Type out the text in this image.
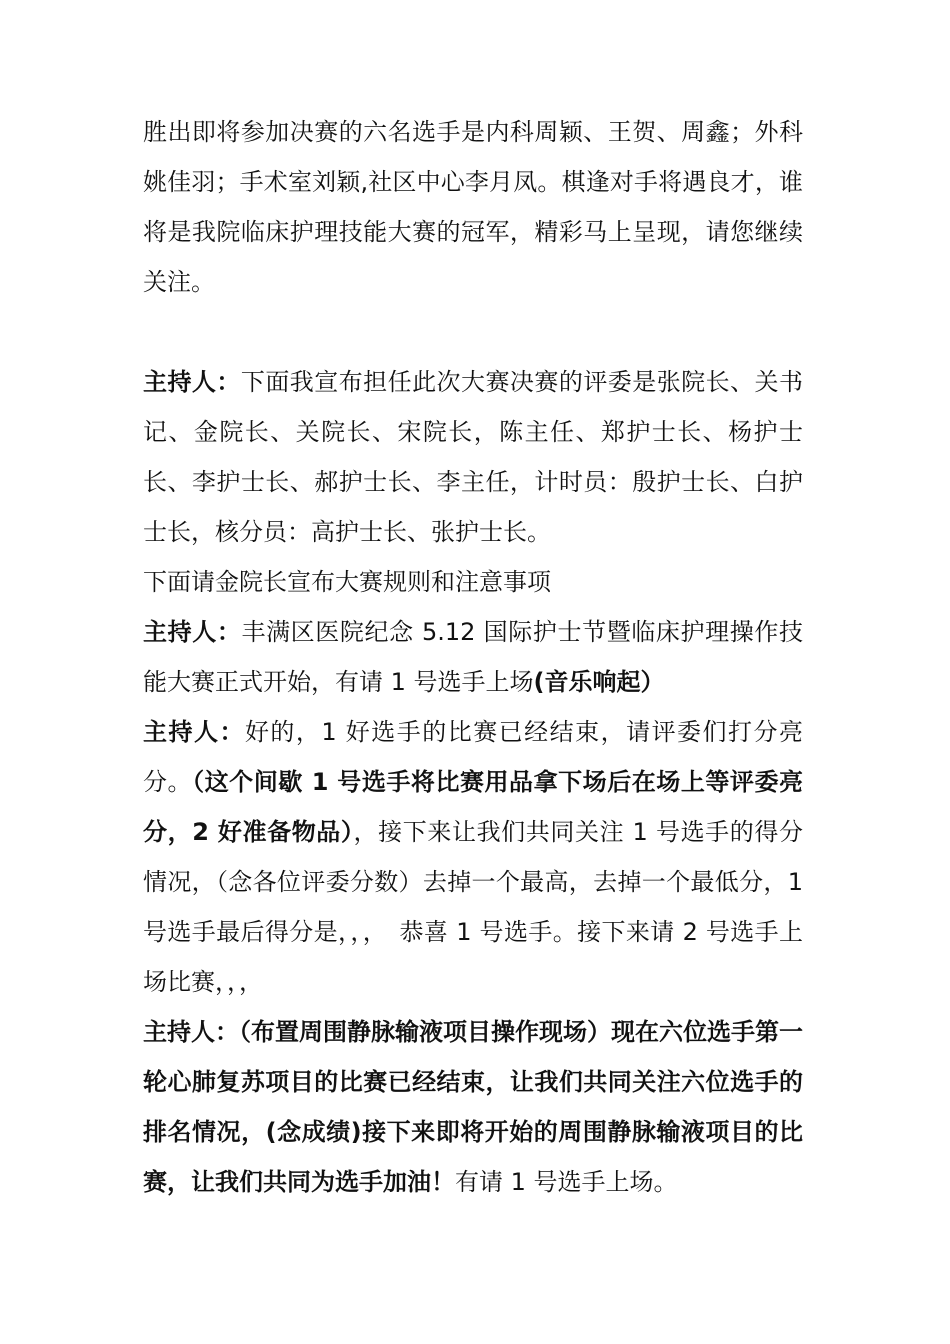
胜出即将参加决赛的六名选手是内科周颖、王贺、周鑫；外科姚佳羽；手术室刘颖,社区中心李月凤。棋逢对手将遇良才，谁将是我院临床护理技能大赛的冠军，精彩马上呈现，请您继续关注。

主持人：下面我宣布担任此次大赛决赛的评委是张院长、关书记、金院长、关院长、宋院长，陈主任、郑护士长、杨护士长、李护士长、郝护士长、李主任，计时员：殷护士长、白护士长，核分员：高护士长、张护士长。

下面请金院长宣布大赛规则和注意事项

主持人：丰满区医院纪念 5.12 国际护士节暨临床护理操作技能大赛正式开始，有请 1 号选手上场(音乐响起）

主持人：好的，1 好选手的比赛已经结束，请评委们打分亮分。（这个间歇 1 号选手将比赛用品拿下场后在场上等评委亮分，2 好准备物品），接下来让我们共同关注 1 号选手的得分情况，（念各位评委分数）去掉一个最高，去掉一个最低分，1 号选手最后得分是，，，　恭喜 1 号选手。接下来请 2 号选手上场比赛，，，

主持人：（布置周围静脉输液项目操作现场）现在六位选手第一轮心肺复苏项目的比赛已经结束，让我们共同关注六位选手的排名情况，(念成绩)接下来即将开始的周围静脉输液项目的比赛，让我们共同为选手加油！有请 1 号选手上场。
